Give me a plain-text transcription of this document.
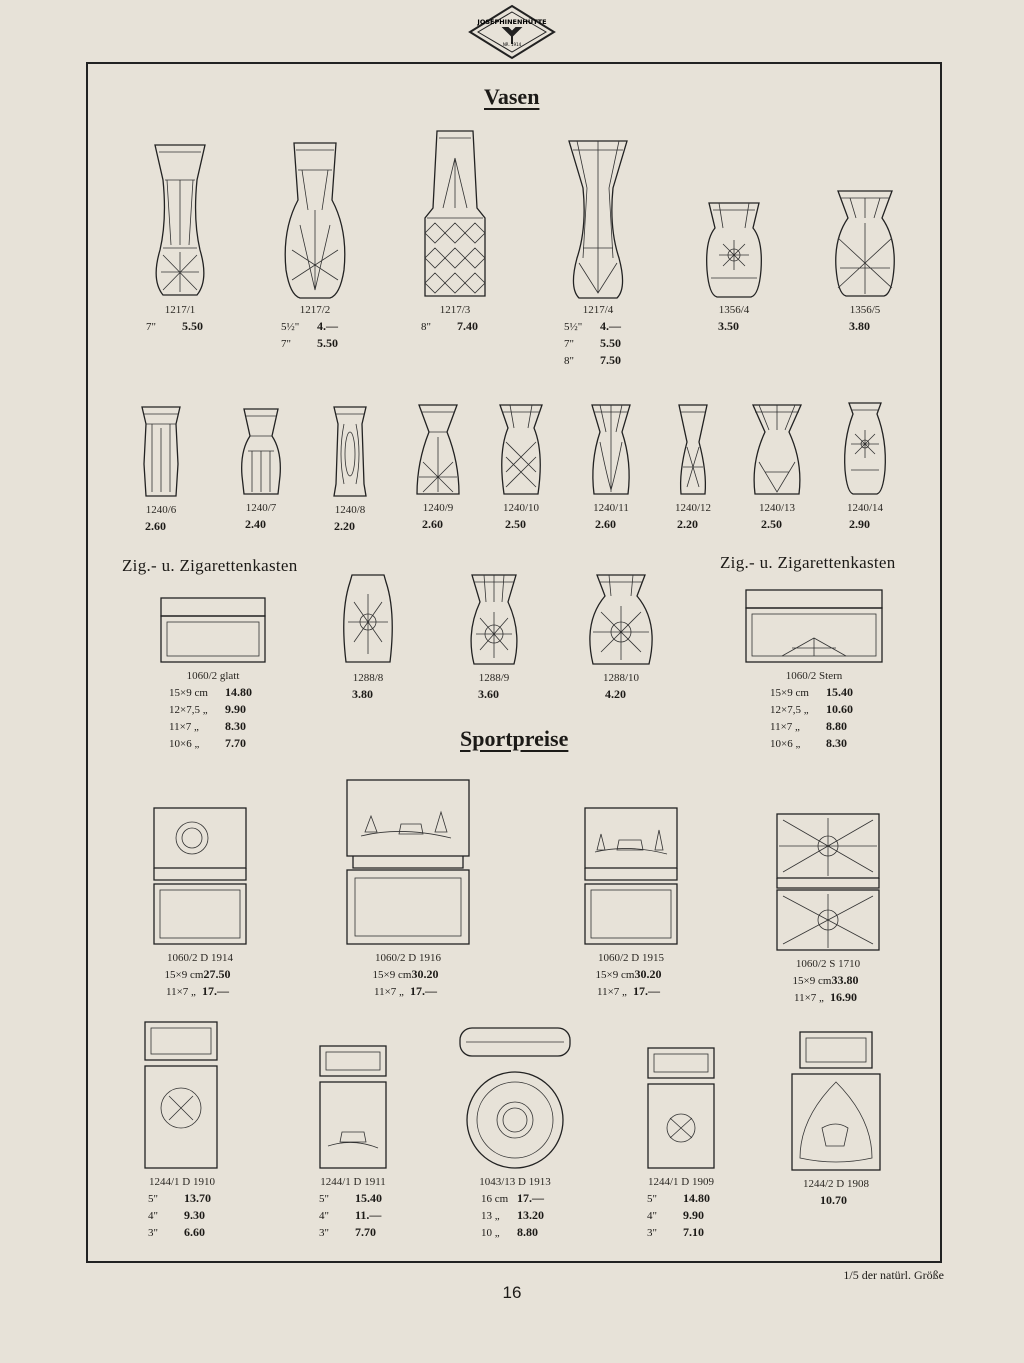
JOSEPHINENHÜTTE
NR. 1914
Vasen
1217/1
7" 5.50
1217/2
5½" 4.—
7" 5.50
1217/3
8" 7.40
1217/4
5½" 4.—
7" 5.50
8" 7.50
1356/4
3.50
1356/5
3.80
1240/6
2.60
1240/7
2.40
1240/8
2.20
1240/9
2.60
1240/10
2.50
1240/11
2.60
1240/12
2.20
1240/13
2.50
1240/14
2.90
Zig.- u. Zigarettenkasten	Zig.- u. Zigarettenkasten
1060/2 glatt
15×9 cm 14.80
12×7,5 „ 9.90
11×7 „ 8.30
10×6 „ 7.70
1288/8
3.80
1288/9
3.60
1288/10
4.20
1060/2 Stern
15×9 cm 15.40
12×7,5 „ 10.60
11×7 „ 8.80
10×6 „ 8.30
Sportpreise
1060/2 D 1914
15×9 cm27.50
11×7 „ 17.—
1060/2 D 1916
15×9 cm30.20
11×7 „ 17.—
1060/2 D 1915
15×9 cm30.20
11×7 „ 17.—
1060/2 S 1710
15×9 cm33.80
11×7 „ 16.90
1244/1 D 1910
5" 13.70
4" 9.30
3" 6.60
1244/1 D 1911
5" 15.40
4" 11.—
3" 7.70
1043/13 D 1913
16 cm 17.—
13 „ 13.20
10 „ 8.80
1244/1 D 1909
5" 14.80
4" 9.90
3" 7.10
1244/2 D 1908
10.70
1/5 der natürl. Größe
16
